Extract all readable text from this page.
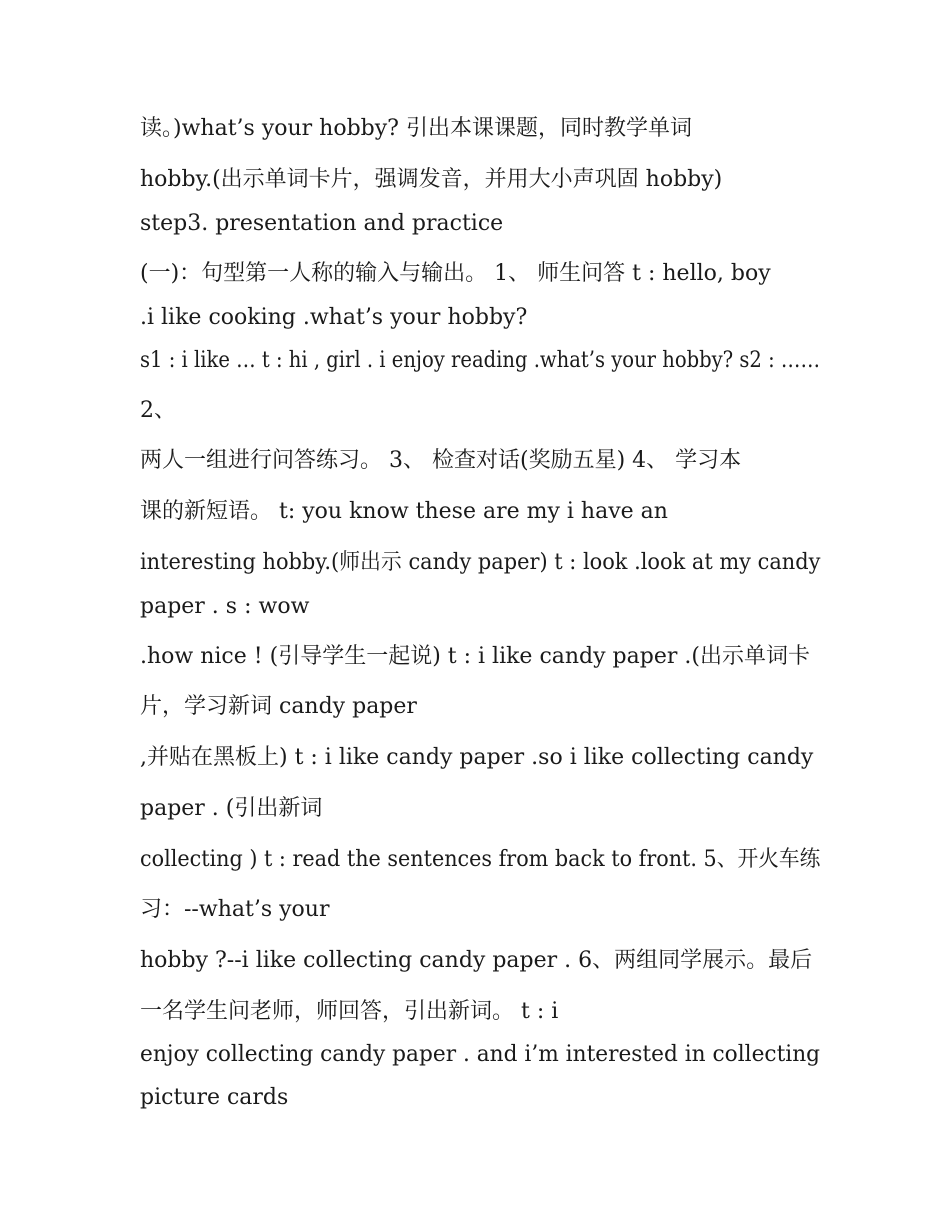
读。)what’s your hobby? 引出本课课题，同时教学单词
hobby.(出示单词卡片，强调发音，并用大小声巩固 hobby)
step3. presentation and practice
(一)：句型第一人称的输入与输出。 1、 师生问答 t : hello, boy
.i like cooking .what’s your hobby?
s1 : i like … t : hi , girl . i enjoy reading .what’s your hobby? s2 : ……
2、
两人一组进行问答练习。 3、 检查对话(奖励五星) 4、 学习本
课的新短语。 t: you know these are my i have an
interesting hobby.(师出示 candy paper) t : look .look at my candy
paper . s : wow
.how nice ! (引导学生一起说) t : i like candy paper .(出示单词卡
片，学习新词 candy paper
,并贴在黑板上) t : i like candy paper .so i like collecting candy
paper . (引出新词
collecting ) t : read the sentences from back to front. 5、开火车练
习：--what’s your
hobby ?--i like collecting candy paper . 6、两组同学展示。最后
一名学生问老师，师回答，引出新词。 t : i
enjoy collecting candy paper . and i’m interested in collecting
picture cards
